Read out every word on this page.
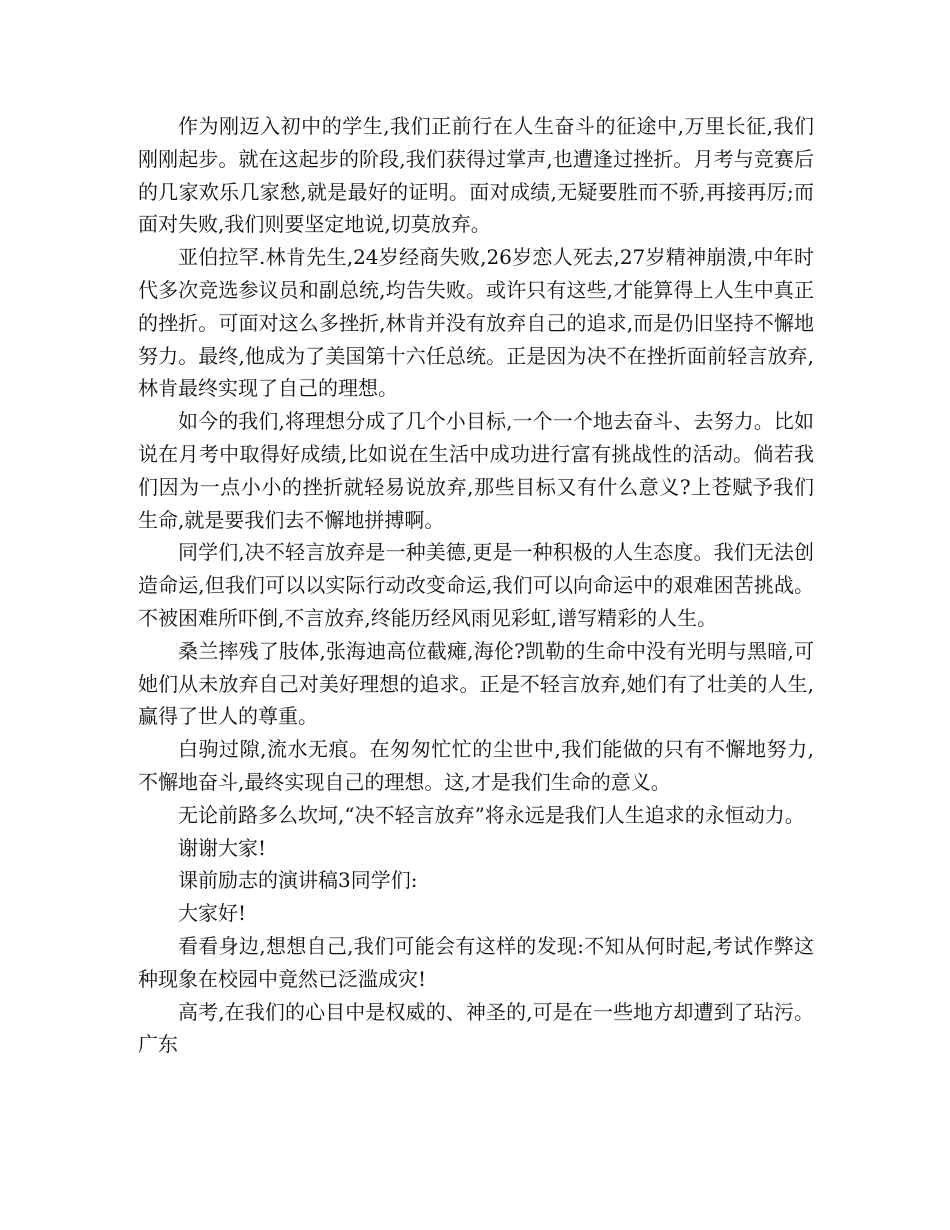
作为刚迈入初中的学生,我们正前行在人生奋斗的征途中,万里长征,我们刚刚起步。就在这起步的阶段,我们获得过掌声,也遭逢过挫折。月考与竞赛后的几家欢乐几家愁,就是最好的证明。面对成绩,无疑要胜而不骄,再接再厉;而面对失败,我们则要坚定地说,切莫放弃。

亚伯拉罕.林肯先生,24岁经商失败,26岁恋人死去,27岁精神崩溃,中年时代多次竞选参议员和副总统,均告失败。或许只有这些,才能算得上人生中真正的挫折。可面对这么多挫折,林肯并没有放弃自己的追求,而是仍旧坚持不懈地努力。最终,他成为了美国第十六任总统。正是因为决不在挫折面前轻言放弃,林肯最终实现了自己的理想。

如今的我们,将理想分成了几个小目标,一个一个地去奋斗、去努力。比如说在月考中取得好成绩,比如说在生活中成功进行富有挑战性的活动。倘若我们因为一点小小的挫折就轻易说放弃,那些目标又有什么意义?上苍赋予我们生命,就是要我们去不懈地拼搏啊。

同学们,决不轻言放弃是一种美德,更是一种积极的人生态度。我们无法创造命运,但我们可以以实际行动改变命运,我们可以向命运中的艰难困苦挑战。不被困难所吓倒,不言放弃,终能历经风雨见彩虹,谱写精彩的人生。

桑兰摔残了肢体,张海迪高位截瘫,海伦?凯勒的生命中没有光明与黑暗,可她们从未放弃自己对美好理想的追求。正是不轻言放弃,她们有了壮美的人生,赢得了世人的尊重。

白驹过隙,流水无痕。在匆匆忙忙的尘世中,我们能做的只有不懈地努力,不懈地奋斗,最终实现自己的理想。这,才是我们生命的意义。

无论前路多么坎坷,“决不轻言放弃”将永远是我们人生追求的永恒动力。

谢谢大家!

课前励志的演讲稿3同学们:

大家好!

看看身边,想想自己,我们可能会有这样的发现:不知从何时起,考试作弊这种现象在校园中竟然已泛滥成灾!

高考,在我们的心目中是权威的、神圣的,可是在一些地方却遭到了玷污。广东
